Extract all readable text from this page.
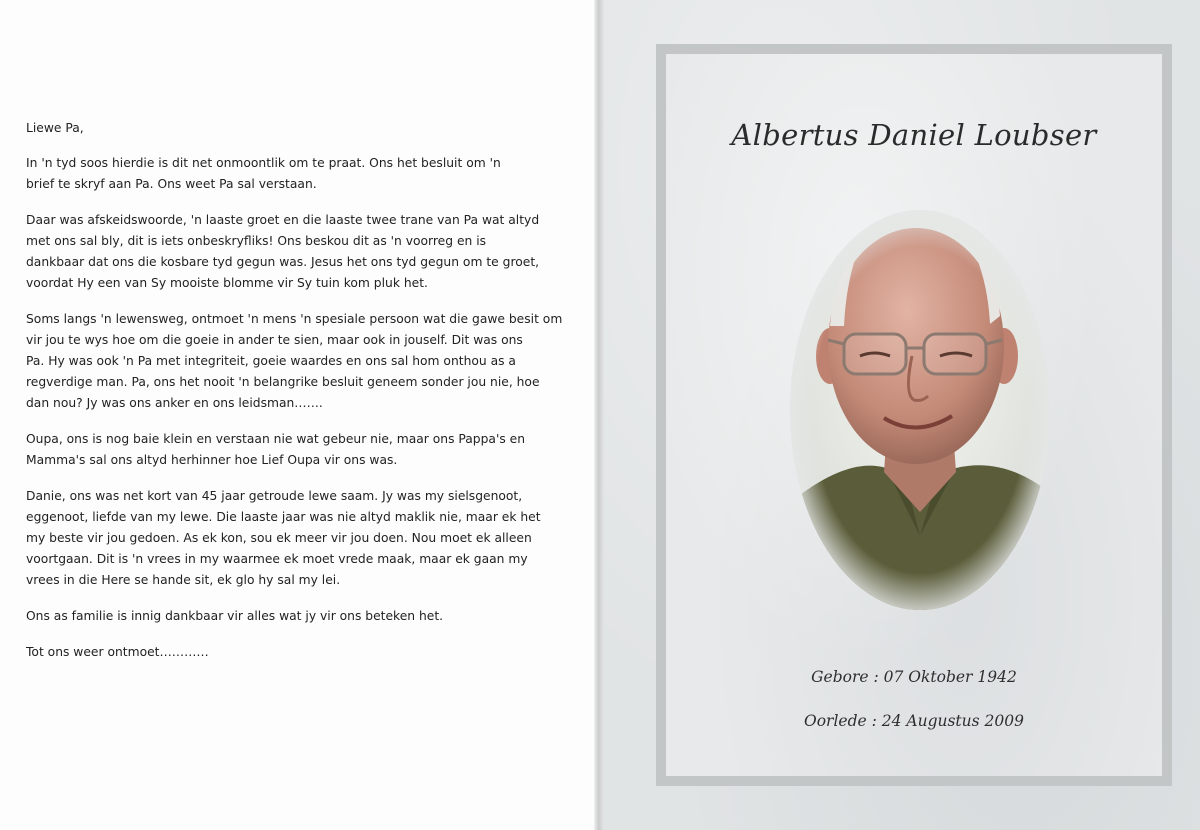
Liewe Pa,

In 'n tyd soos hierdie is dit net onmoontlik om te praat. Ons het besluit om 'n
brief te skryf aan Pa. Ons weet Pa sal verstaan.

Daar was afskeidswoorde, 'n laaste groet en die laaste twee trane van Pa wat altyd
met ons sal bly, dit is iets onbeskryfliks! Ons beskou dit as 'n voorreg en is
dankbaar dat ons die kosbare tyd gegun was. Jesus het ons tyd gegun om te groet,
voordat Hy een van Sy mooiste blomme vir Sy tuin kom pluk het.

Soms langs 'n lewensweg, ontmoet 'n mens 'n spesiale persoon wat die gawe besit om
vir jou te wys hoe om die goeie in ander te sien, maar ook in jouself. Dit was ons
Pa. Hy was ook 'n Pa met integriteit, goeie waardes en ons sal hom onthou as a
regverdige man. Pa, ons het nooit 'n belangrike besluit geneem sonder jou nie, hoe
dan nou? Jy was ons anker en ons leidsman…….

Oupa, ons is nog baie klein en verstaan nie wat gebeur nie, maar ons Pappa's en
Mamma's sal ons altyd herhinner hoe Lief Oupa vir ons was.

Danie, ons was net kort van 45 jaar getroude lewe saam. Jy was my sielsgenoot,
eggenoot, liefde van my lewe. Die laaste jaar was nie altyd maklik nie, maar ek het
my beste vir jou gedoen. As ek kon, sou ek meer vir jou doen. Nou moet ek alleen
voortgaan. Dit is 'n vrees in my waarmee ek moet vrede maak, maar ek gaan my
vrees in die Here se hande sit, ek glo hy sal my lei.

Ons as familie is innig dankbaar vir alles wat jy vir ons beteken het.

Tot ons weer ontmoet…………

Albertus Daniel Loubser
Gebore : 07 Oktober 1942
Oorlede : 24 Augustus 2009
